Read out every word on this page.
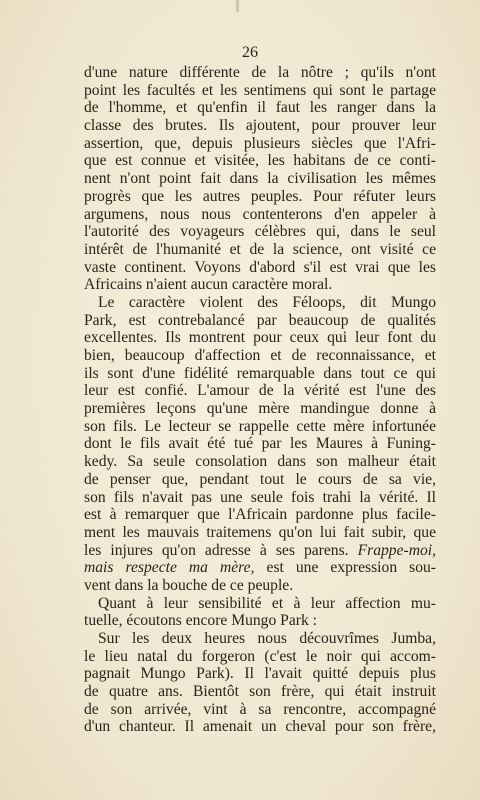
26
d'une nature différente de la nôtre ; qu'ils n'ont
point les facultés et les sentimens qui sont le partage
de l'homme, et qu'enfin il faut les ranger dans la
classe des brutes. Ils ajoutent, pour prouver leur
assertion, que, depuis plusieurs siècles que l'Afri-
que est connue et visitée, les habitans de ce conti-
nent n'ont point fait dans la civilisation les mêmes
progrès que les autres peuples. Pour réfuter leurs
argumens, nous nous contenterons d'en appeler à
l'autorité des voyageurs célèbres qui, dans le seul
intérêt de l'humanité et de la science, ont visité ce
vaste continent. Voyons d'abord s'il est vrai que les
Africains n'aient aucun caractère moral.
Le caractère violent des Féloops, dit Mungo
Park, est contrebalancé par beaucoup de qualités
excellentes. Ils montrent pour ceux qui leur font du
bien, beaucoup d'affection et de reconnaissance, et
ils sont d'une fidélité remarquable dans tout ce qui
leur est confié. L'amour de la vérité est l'une des
premières leçons qu'une mère mandingue donne à
son fils. Le lecteur se rappelle cette mère infortunée
dont le fils avait été tué par les Maures à Funing-
kedy. Sa seule consolation dans son malheur était
de penser que, pendant tout le cours de sa vie,
son fils n'avait pas une seule fois trahi la vérité. Il
est à remarquer que l'Africain pardonne plus facile-
ment les mauvais traitemens qu'on lui fait subir, que
les injures qu'on adresse à ses parens. Frappe-moi,
mais respecte ma mère, est une expression sou-
vent dans la bouche de ce peuple.
Quant à leur sensibilité et à leur affection mu-
tuelle, écoutons encore Mungo Park :
Sur les deux heures nous découvrîmes Jumba,
le lieu natal du forgeron (c'est le noir qui accom-
pagnait Mungo Park). Il l'avait quitté depuis plus
de quatre ans. Bientôt son frère, qui était instruit
de son arrivée, vint à sa rencontre, accompagné
d'un chanteur. Il amenait un cheval pour son frère,
